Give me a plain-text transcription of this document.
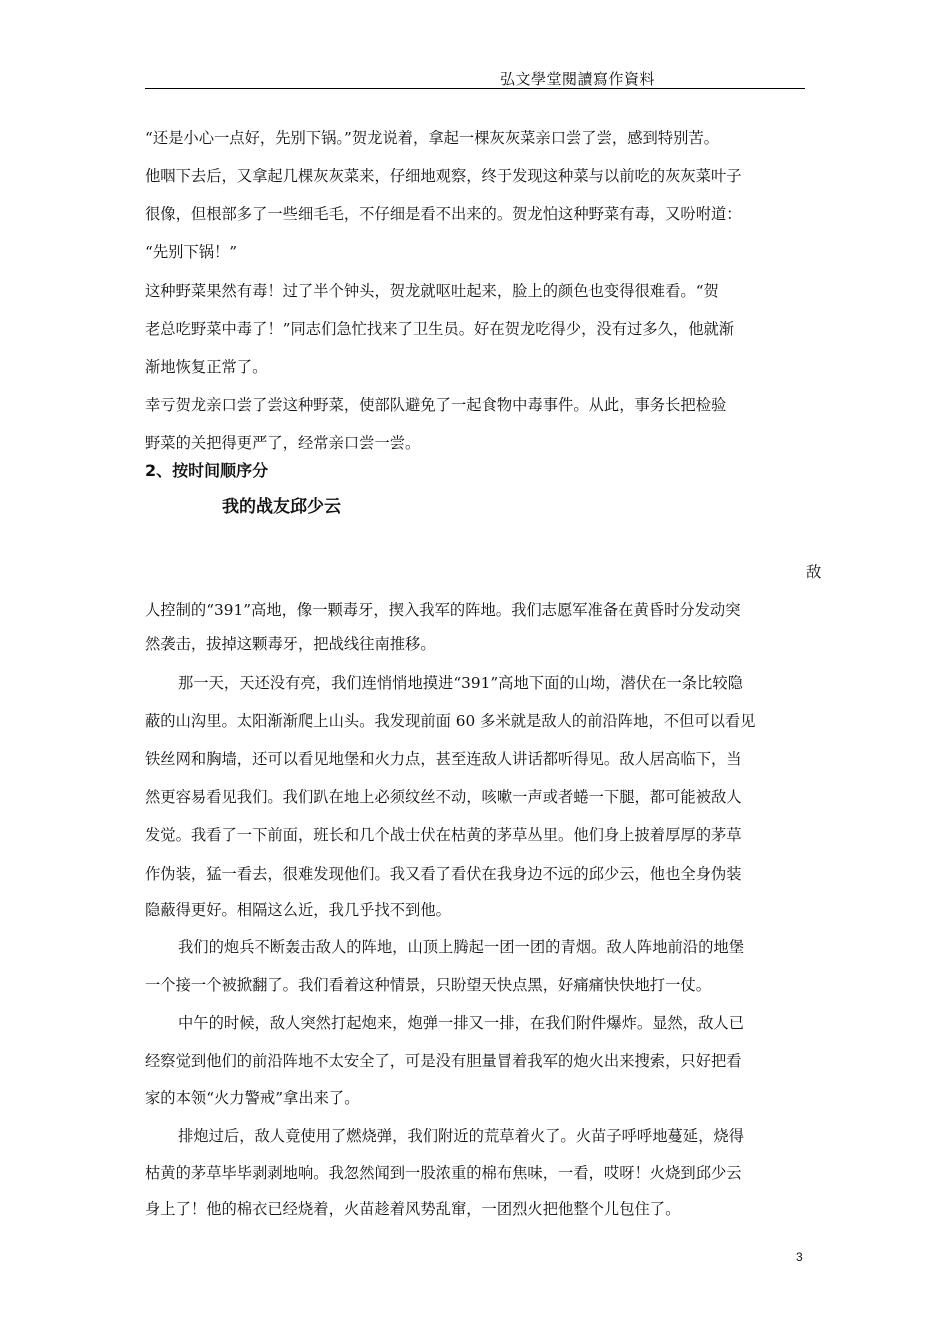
弘文學堂閱讀寫作資料
“还是小心一点好，先别下锅。”贺龙说着，拿起一棵灰灰菜亲口尝了尝，感到特别苦。
他咽下去后，又拿起几棵灰灰菜来，仔细地观察，终于发现这种菜与以前吃的灰灰菜叶子
很像，但根部多了一些细毛毛，不仔细是看不出来的。贺龙怕这种野菜有毒，又吩咐道：
“先别下锅！”
这种野菜果然有毒！过了半个钟头，贺龙就呕吐起来，脸上的颜色也变得很难看。“贺
老总吃野菜中毒了！”同志们急忙找来了卫生员。好在贺龙吃得少，没有过多久，他就渐
渐地恢复正常了。
幸亏贺龙亲口尝了尝这种野菜，使部队避免了一起食物中毒事件。从此，事务长把检验
野菜的关把得更严了，经常亲口尝一尝。
2、按时间顺序分
我的战友邱少云
敌
人控制的“391”高地，像一颗毒牙，揳入我军的阵地。我们志愿军准备在黄昏时分发动突
然袭击，拔掉这颗毒牙，把战线往南推移。
那一天，天还没有亮，我们连悄悄地摸进“391”高地下面的山坳，潜伏在一条比较隐
蔽的山沟里。太阳渐渐爬上山头。我发现前面 60 多米就是敌人的前沿阵地，不但可以看见
铁丝网和胸墙，还可以看见地堡和火力点，甚至连敌人讲话都听得见。敌人居高临下，当
然更容易看见我们。我们趴在地上必须纹丝不动，咳嗽一声或者蜷一下腿，都可能被敌人
发觉。我看了一下前面，班长和几个战士伏在枯黄的茅草丛里。他们身上披着厚厚的茅草
作伪装，猛一看去，很难发现他们。我又看了看伏在我身边不远的邱少云，他也全身伪装
隐蔽得更好。相隔这么近，我几乎找不到他。
我们的炮兵不断轰击敌人的阵地，山顶上腾起一团一团的青烟。敌人阵地前沿的地堡
一个接一个被掀翻了。我们看着这种情景，只盼望天快点黑，好痛痛快快地打一仗。
中午的时候，敌人突然打起炮来，炮弹一排又一排，在我们附件爆炸。显然，敌人已
经察觉到他们的前沿阵地不太安全了，可是没有胆量冒着我军的炮火出来搜索，只好把看
家的本领“火力警戒”拿出来了。
排炮过后，敌人竟使用了燃烧弹，我们附近的荒草着火了。火苗子呼呼地蔓延，烧得
枯黄的茅草毕毕剥剥地响。我忽然闻到一股浓重的棉布焦味，一看，哎呀！火烧到邱少云
身上了！他的棉衣已经烧着，火苗趁着风势乱窜，一团烈火把他整个儿包住了。
3
